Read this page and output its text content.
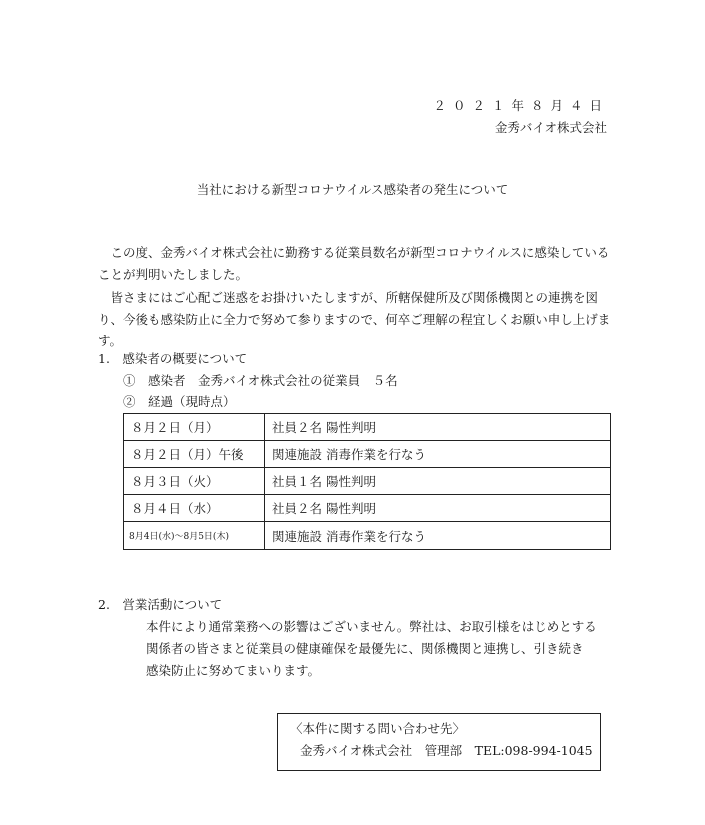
２０２１年８月４日
金秀バイオ株式会社
当社における新型コロナウイルス感染者の発生について
この度、金秀バイオ株式会社に勤務する従業員数名が新型コロナウイルスに感染していることが判明いたしました。
皆さまにはご心配ご迷惑をお掛けいたしますが、所轄保健所及び関係機関との連携を図り、今後も感染防止に全力で努めて参りますので、何卒ご理解の程宜しくお願い申し上げます。
1.　感染者の概要について
①　感染者　金秀バイオ株式会社の従業員　５名
②　経過（現時点）
８月２日（月）	社員２名 陽性判明
８月２日（月）午後	関連施設 消毒作業を行なう
８月３日（火）	社員１名 陽性判明
８月４日（水）	社員２名 陽性判明
8月4日(水)～8月5日(木)	関連施設 消毒作業を行なう
2.　営業活動について
本件により通常業務への影響はございません。弊社は、お取引様をはじめとする
関係者の皆さまと従業員の健康確保を最優先に、関係機関と連携し、引き続き
感染防止に努めてまいります。
〈本件に関する問い合わせ先〉
金秀バイオ株式会社　管理部　TEL:098-994-1045
